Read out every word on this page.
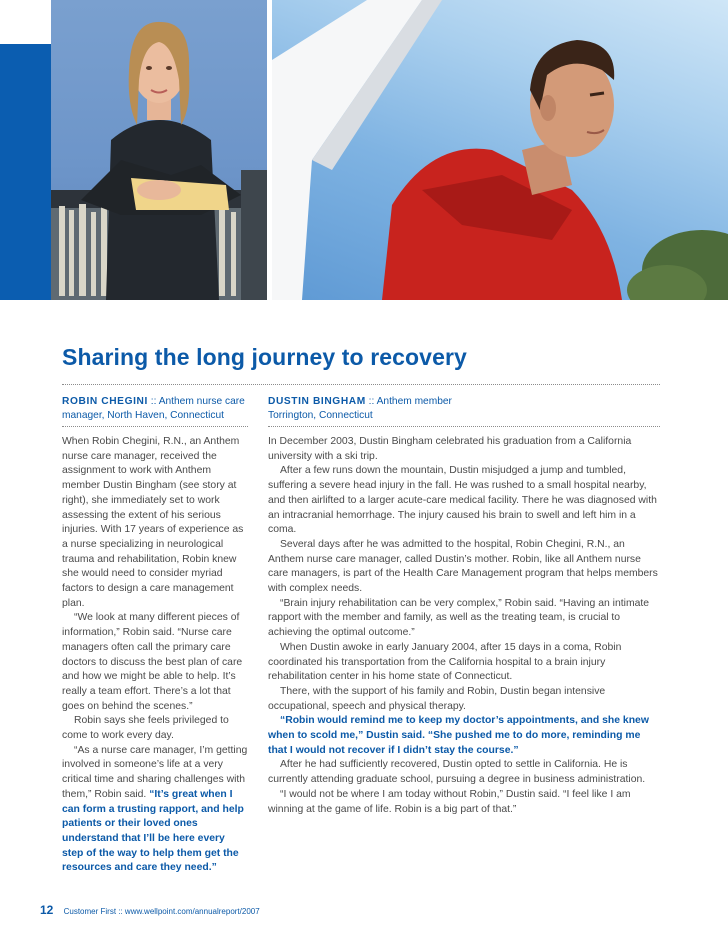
Sharing the long journey to recovery
ROBIN CHEGINI :: Anthem nurse care
manager, North Haven, Connecticut
DUSTIN BINGHAM :: Anthem member
Torrington, Connecticut

When Robin Chegini, R.N., an Anthem nurse care manager, received the assignment to work with Anthem member Dustin Bingham (see story at right), she immediately set to work assessing the extent of his serious injuries. With 17 years of experience as a nurse specializing in neurological trauma and rehabilitation, Robin knew she would need to consider myriad factors to design a care management plan.

“We look at many different pieces of information,” Robin said. “Nurse care managers often call the primary care doctors to discuss the best plan of care and how we might be able to help. It’s really a team effort. There’s a lot that goes on behind the scenes.”

Robin says she feels privileged to come to work every day.

“As a nurse care manager, I’m getting involved in someone’s life at a very critical time and sharing challenges with them,” Robin said. “It’s great when I can form a trusting rapport, and help patients or their loved ones understand that I’ll be here every step of the way to help them get the resources and care they need.”

In December 2003, Dustin Bingham celebrated his graduation from a California university with a ski trip.

After a few runs down the mountain, Dustin misjudged a jump and tumbled, suffering a severe head injury in the fall. He was rushed to a small hospital nearby, and then airlifted to a larger acute-care medical facility. There he was diagnosed with an intracranial hemorrhage. The injury caused his brain to swell and left him in a coma.

Several days after he was admitted to the hospital, Robin Chegini, R.N., an Anthem nurse care manager, called Dustin’s mother. Robin, like all Anthem nurse care managers, is part of the Health Care Management program that helps members with complex needs.

“Brain injury rehabilitation can be very complex,” Robin said. “Having an intimate rapport with the member and family, as well as the treating team, is crucial to achieving the optimal outcome.”

When Dustin awoke in early January 2004, after 15 days in a coma, Robin coordinated his transportation from the California hospital to a brain injury rehabilitation center in his home state of Connecticut.

There, with the support of his family and Robin, Dustin began intensive occupational, speech and physical therapy.

“Robin would remind me to keep my doctor’s appointments, and she knew when to scold me,” Dustin said. “She pushed me to do more, reminding me that I would not recover if I didn’t stay the course.”

After he had sufficiently recovered, Dustin opted to settle in California. He is currently attending graduate school, pursuing a degree in business administration.

“I would not be where I am today without Robin,” Dustin said. “I feel like I am winning at the game of life. Robin is a big part of that.”

12 Customer First :: www.wellpoint.com/annualreport/2007
